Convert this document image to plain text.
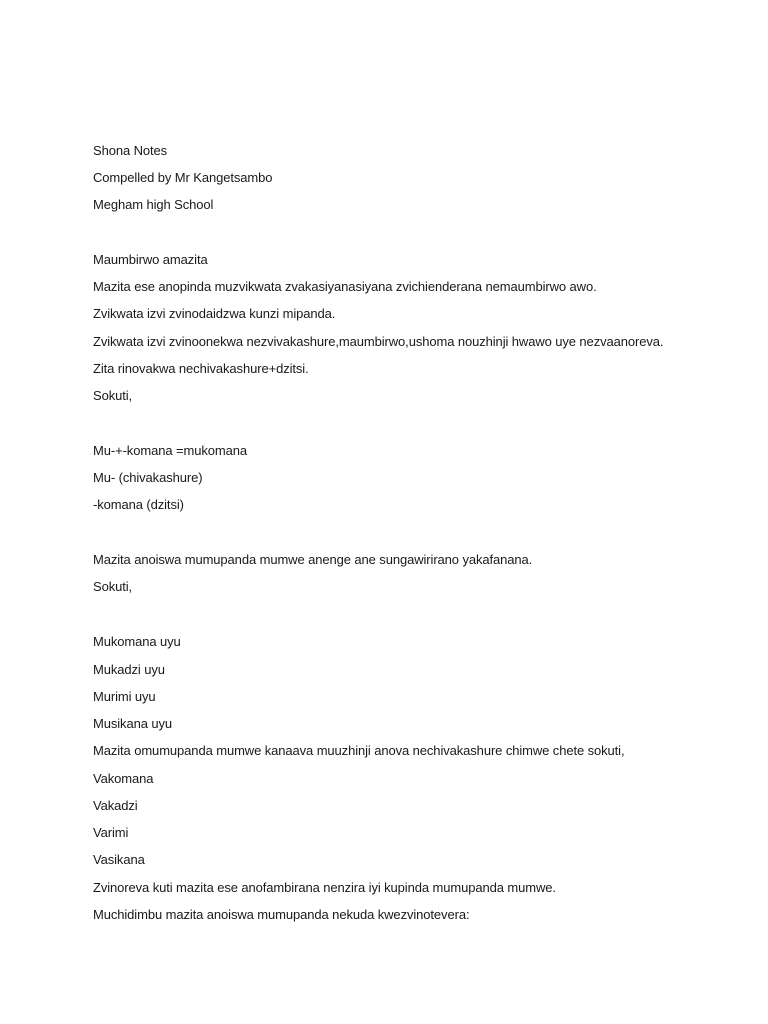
Shona Notes
Compelled by Mr Kangetsambo
Megham high School
Maumbirwo amazita
Mazita ese anopinda muzvikwata zvakasiyanasiyana zvichienderana nemaumbirwo awo.
Zvikwata izvi zvinodaidzwa kunzi mipanda.
Zvikwata izvi zvinoonekwa nezvivakashure,maumbirwo,ushoma nouzhinji hwawo uye nezvaanoreva.
Zita rinovakwa nechivakashure+dzitsi.
Sokuti,
Mu-+-komana =mukomana
Mu- (chivakashure)
-komana (dzitsi)
Mazita anoiswa mumupanda mumwe anenge ane sungawirirano yakafanana.
Sokuti,
Mukomana uyu
Mukadzi uyu
Murimi uyu
Musikana uyu
Mazita omumupanda mumwe kanaava muuzhinji anova nechivakashure chimwe chete sokuti,
Vakomana
Vakadzi
Varimi
Vasikana
Zvinoreva kuti mazita ese anofambirana nenzira iyi kupinda mumupanda mumwe.
Muchidimbu mazita anoiswa mumupanda nekuda kwezvinotevera:
